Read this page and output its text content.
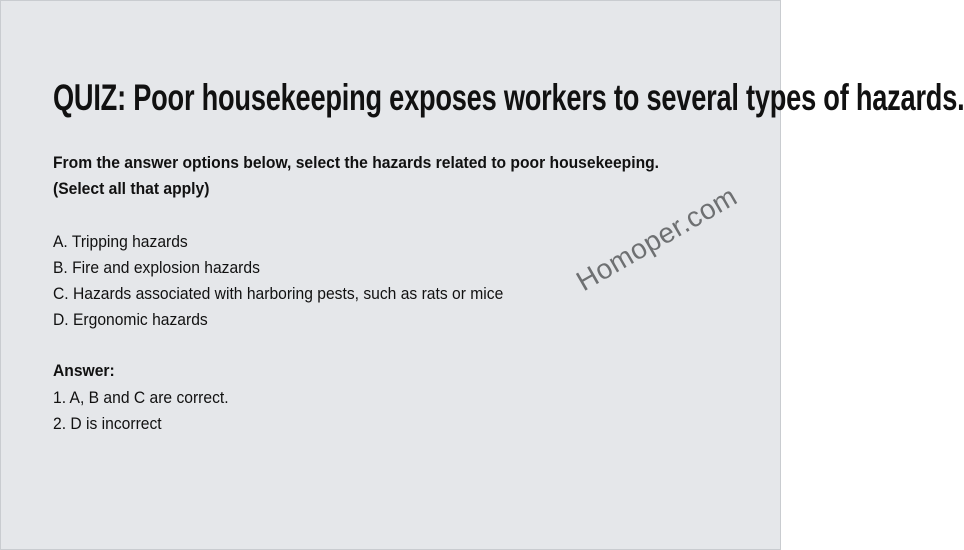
QUIZ: Poor housekeeping exposes workers to several types of hazards.
From the answer options below, select the hazards related to poor housekeeping.
(Select all that apply)
A. Tripping hazards
B. Fire and explosion hazards
C. Hazards associated with harboring pests, such as rats or mice
D. Ergonomic hazards
Answer:
1. A, B and C are correct.
2. D is incorrect
Homoper.com
